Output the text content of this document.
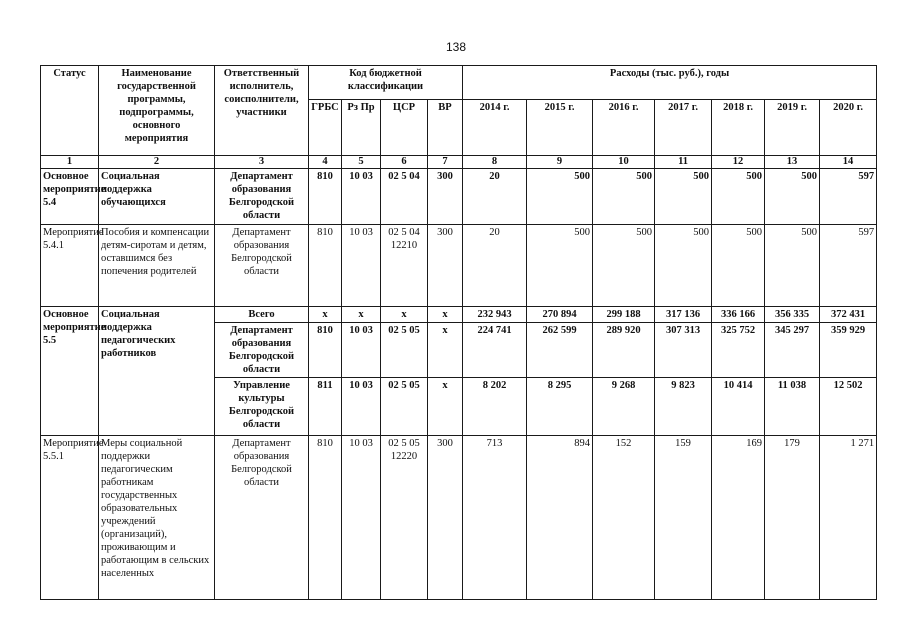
138
Статус	Наименование государственной программы, подпрограммы, основного мероприятия	Ответственный исполнитель, соисполнители, участники	Код бюджетной классификации				Расходы (тыс. руб.), годы						
			ГРБС	Рз Пр	ЦСР	ВР	2014 г.	2015 г.	2016 г.	2017 г.	2018 г.	2019 г.	2020 г.
1	2	3	4	5	6	7	8	9	10	11	12	13	14
Основное мероприятие 5.4	Социальная поддержка обучающихся	Департамент образования Белгородской области	810	10 03	02 5 04	300	20	500	500	500	500	500	597
Мероприятие 5.4.1	Пособия и компенсации детям-сиротам и детям, оставшимся без попечения родителей	Департамент образования Белгородской области	810	10 03	02 5 04 12210	300	20	500	500	500	500	500	597
Основное мероприятие 5.5	Социальная поддержка педагогических работников	Всего	х	х	х	х	232 943	270 894	299 188	317 136	336 166	356 335	372 431
		Департамент образования Белгородской области	810	10 03	02 5 05	х	224 741	262 599	289 920	307 313	325 752	345 297	359 929
		Управление культуры Белгородской области	811	10 03	02 5 05	х	8 202	8 295	9 268	9 823	10 414	11 038	12 502
Мероприятие 5.5.1	Меры социальной поддержки педагогическим работникам государственных образовательных учреждений (организаций), проживающим и работающим в сельских населенных	Департамент образования Белгородской области	810	10 03	02 5 05 12220	300	713	894	152	159	169	179	1 271
